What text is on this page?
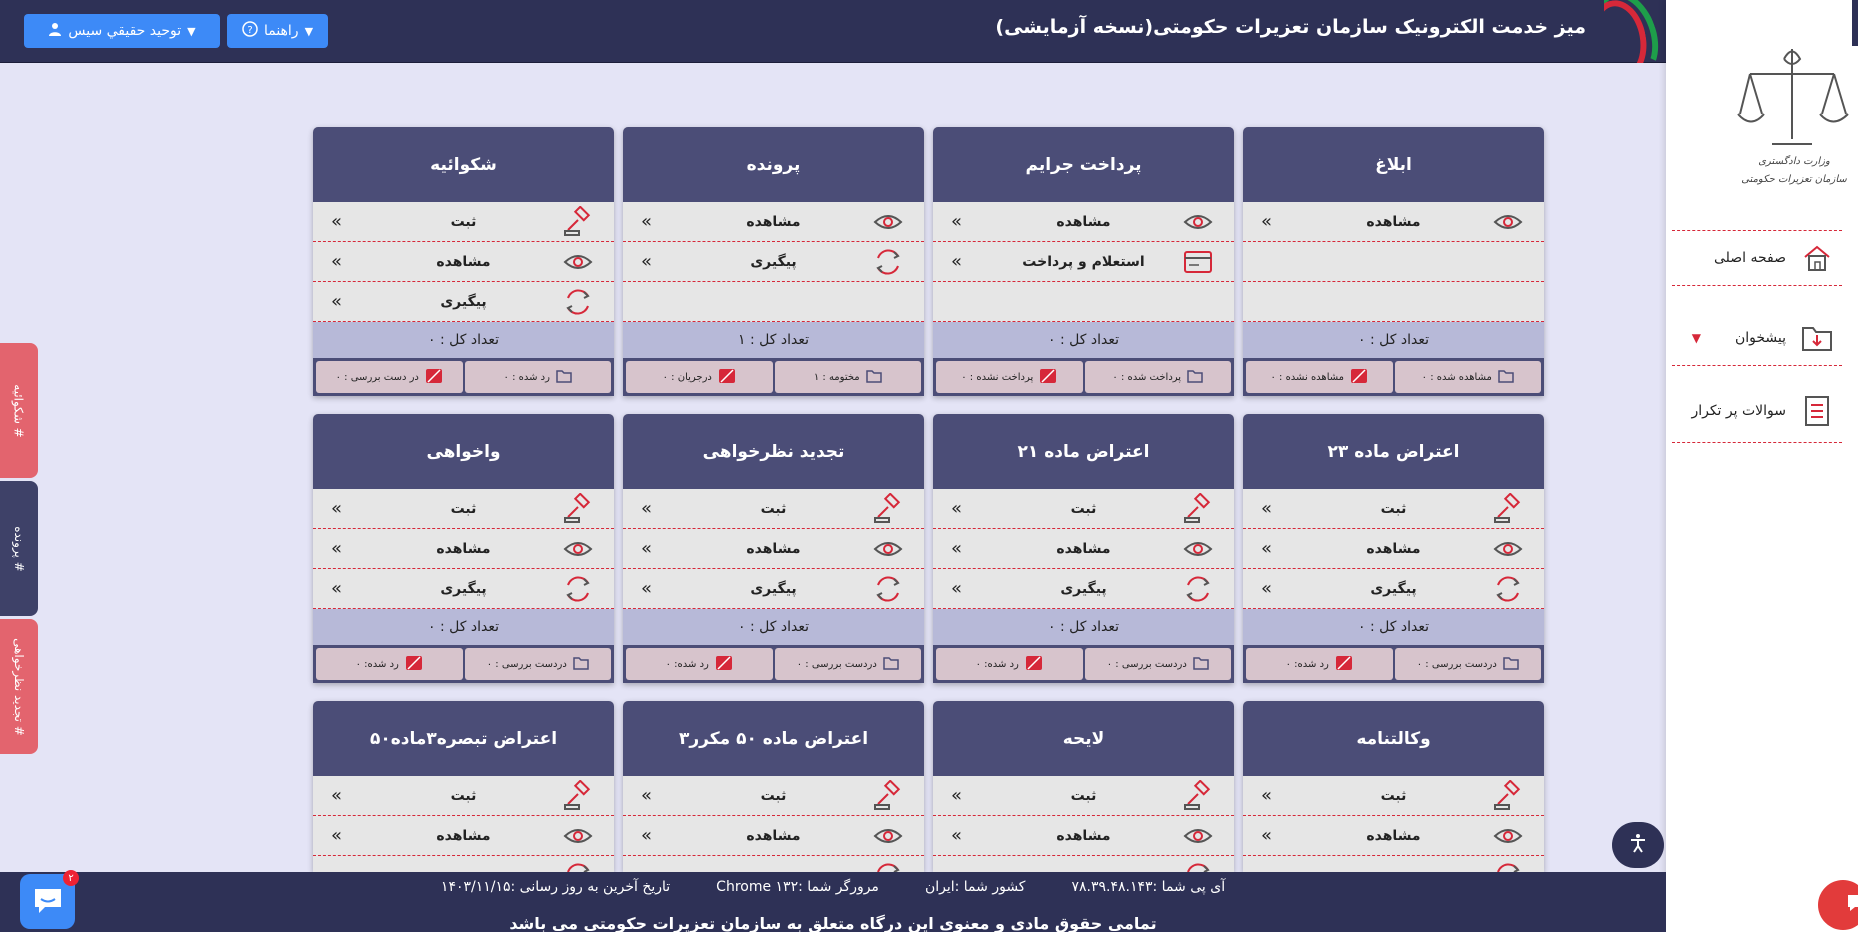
میز خدمت الکترونیک سازمان تعزیرات حکومتی(نسخه آزمایشی)
▼
توحید حقيقي سيس	▼
راهنما
?
وزارت دادگستری
سازمان تعزیرات حکومتی
صفحه اصلی
پیشخوان
▼
سوالات پر تکرار
# شکوائیه
# پرونده
# تجدید نظرخواهی
شکوائیه
ثبت
»
مشاهده
»
پیگیری
»
تعداد کل : ۰
رد شده : ۰
در دست بررسی : ۰
پرونده
مشاهده
»
پیگیری
»
تعداد کل : ۱
مختومه : ۱
درجریان : ۰
پرداخت جرایم
مشاهده
»
استعلام و پرداخت
»
تعداد کل : ۰
پرداخت شده : ۰
پرداخت نشده : ۰
ابلاغ
مشاهده
»
تعداد کل : ۰
مشاهده شده : ۰
مشاهده نشده : ۰
واخواهی
ثبت
»
مشاهده
»
پیگیری
»
تعداد کل : ۰
دردست بررسی : ۰
رد شده: ۰
تجدید نظرخواهی
ثبت
»
مشاهده
»
پیگیری
»
تعداد کل : ۰
دردست بررسی : ۰
رد شده: ۰
اعتراض ماده ۲۱
ثبت
»
مشاهده
»
پیگیری
»
تعداد کل : ۰
دردست بررسی : ۰
رد شده: ۰
اعتراض ماده ۲۳
ثبت
»
مشاهده
»
پیگیری
»
تعداد کل : ۰
دردست بررسی : ۰
رد شده: ۰
اعتراض تبصره۳ماده۵۰
ثبت
»
مشاهده
»
اعتراض ماده ۵۰ مکرر۳
ثبت
»
مشاهده
»
لایحه
ثبت
»
مشاهده
»
وکالتنامه
ثبت
»
مشاهده
»
آی پی شما :۷۸.۳۹.۴۸.۱۴۳
کشور شما :ایران
مرورگر شما :Chrome ۱۳۲
تاریخ آخرین به روز رسانی :۱۴۰۳/۱۱/۱۵
تمامی حقوق مادی و معنوی این درگاه متعلق به سازمان تعزیرات حکومتی می باشد
۲
